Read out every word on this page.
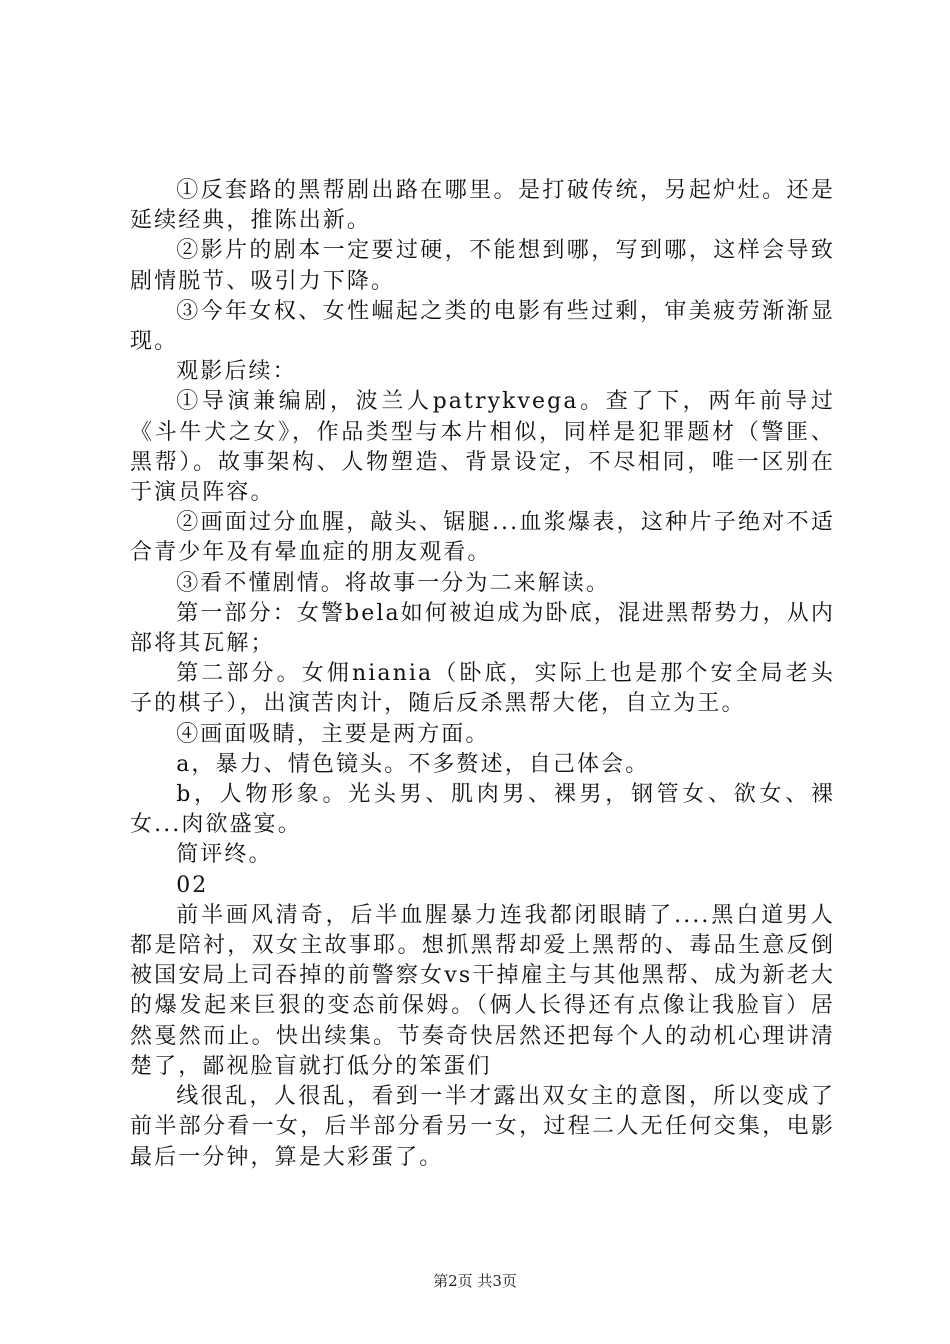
①反套路的黑帮剧出路在哪里。是打破传统，另起炉灶。还是延续经典，推陈出新。

②影片的剧本一定要过硬，不能想到哪，写到哪，这样会导致剧情脱节、吸引力下降。

③今年女权、女性崛起之类的电影有些过剩，审美疲劳渐渐显现。

观影后续：

①导演兼编剧，波兰人patrykvega。查了下，两年前导过《斗牛犬之女》，作品类型与本片相似，同样是犯罪题材（警匪、黑帮）。故事架构、人物塑造、背景设定，不尽相同，唯一区别在于演员阵容。

②画面过分血腥，敲头、锯腿...血浆爆表，这种片子绝对不适合青少年及有晕血症的朋友观看。

③看不懂剧情。将故事一分为二来解读。

第一部分：女警bela如何被迫成为卧底，混进黑帮势力，从内部将其瓦解；

第二部分。女佣niania（卧底，实际上也是那个安全局老头子的棋子），出演苦肉计，随后反杀黑帮大佬，自立为王。

④画面吸睛，主要是两方面。

a，暴力、情色镜头。不多赘述，自己体会。

b，人物形象。光头男、肌肉男、裸男，钢管女、欲女、裸女...肉欲盛宴。

简评终。

02

前半画风清奇，后半血腥暴力连我都闭眼睛了....黑白道男人都是陪衬，双女主故事耶。想抓黑帮却爱上黑帮的、毒品生意反倒被国安局上司吞掉的前警察女vs干掉雇主与其他黑帮、成为新老大的爆发起来巨狠的变态前保姆。（俩人长得还有点像让我脸盲）居然戛然而止。快出续集。节奏奇快居然还把每个人的动机心理讲清楚了，鄙视脸盲就打低分的笨蛋们

线很乱，人很乱，看到一半才露出双女主的意图，所以变成了前半部分看一女，后半部分看另一女，过程二人无任何交集，电影最后一分钟，算是大彩蛋了。

第2页 共3页
